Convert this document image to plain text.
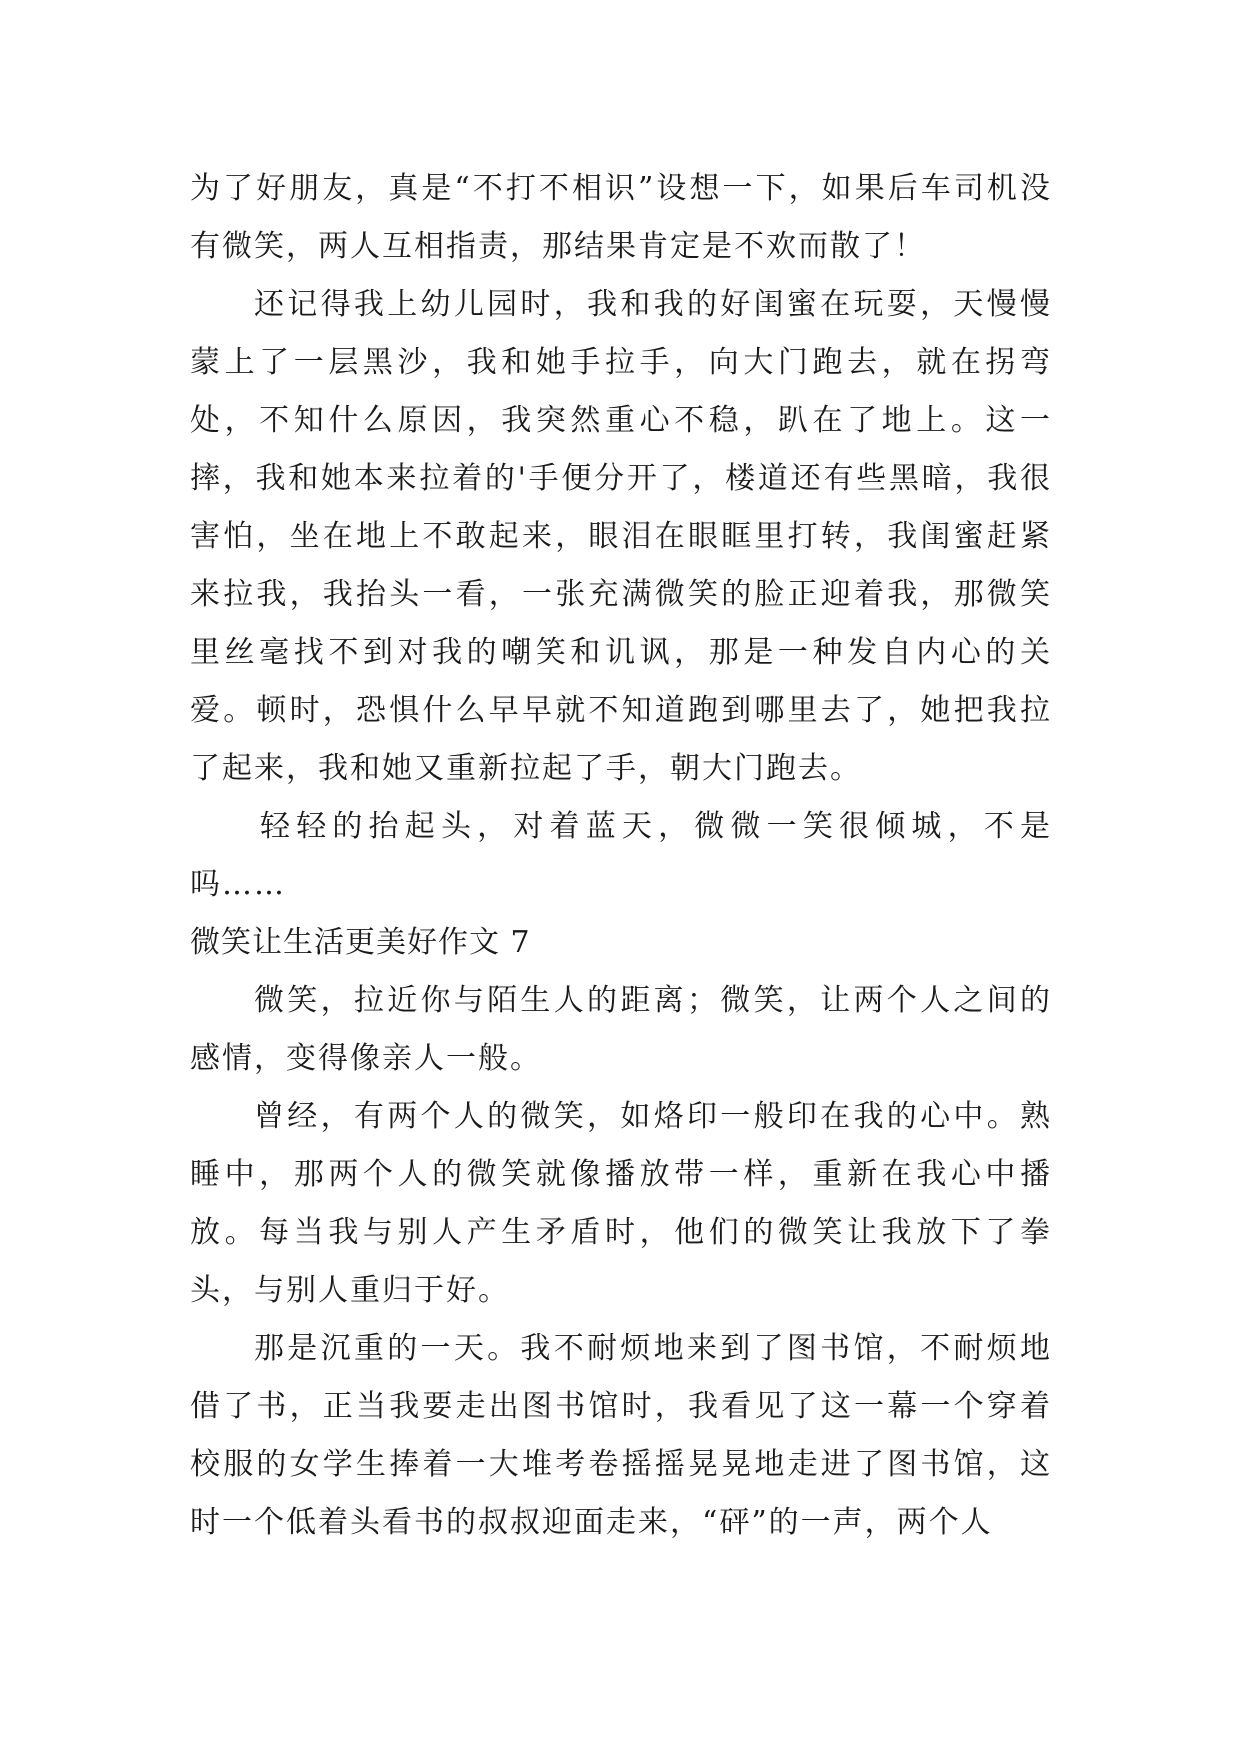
为了好朋友，真是“不打不相识”设想一下，如果后车司机没有微笑，两人互相指责，那结果肯定是不欢而散了！

还记得我上幼儿园时，我和我的好闺蜜在玩耍，天慢慢蒙上了一层黑沙，我和她手拉手，向大门跑去，就在拐弯处，不知什么原因，我突然重心不稳，趴在了地上。这一摔，我和她本来拉着的'手便分开了，楼道还有些黑暗，我很害怕，坐在地上不敢起来，眼泪在眼眶里打转，我闺蜜赶紧来拉我，我抬头一看，一张充满微笑的脸正迎着我，那微笑里丝毫找不到对我的嘲笑和讥讽，那是一种发自内心的关爱。顿时，恐惧什么早早就不知道跑到哪里去了，她把我拉了起来，我和她又重新拉起了手，朝大门跑去。

轻轻的抬起头，对着蓝天，微微一笑很倾城，不是吗……

微笑让生活更美好作文 7

微笑，拉近你与陌生人的距离；微笑，让两个人之间的感情，变得像亲人一般。

曾经，有两个人的微笑，如烙印一般印在我的心中。熟睡中，那两个人的微笑就像播放带一样，重新在我心中播放。每当我与别人产生矛盾时，他们的微笑让我放下了拳头，与别人重归于好。

那是沉重的一天。我不耐烦地来到了图书馆，不耐烦地借了书，正当我要走出图书馆时，我看见了这一幕一个穿着校服的女学生捧着一大堆考卷摇摇晃晃地走进了图书馆，这时一个低着头看书的叔叔迎面走来，“砰”的一声，两个人
